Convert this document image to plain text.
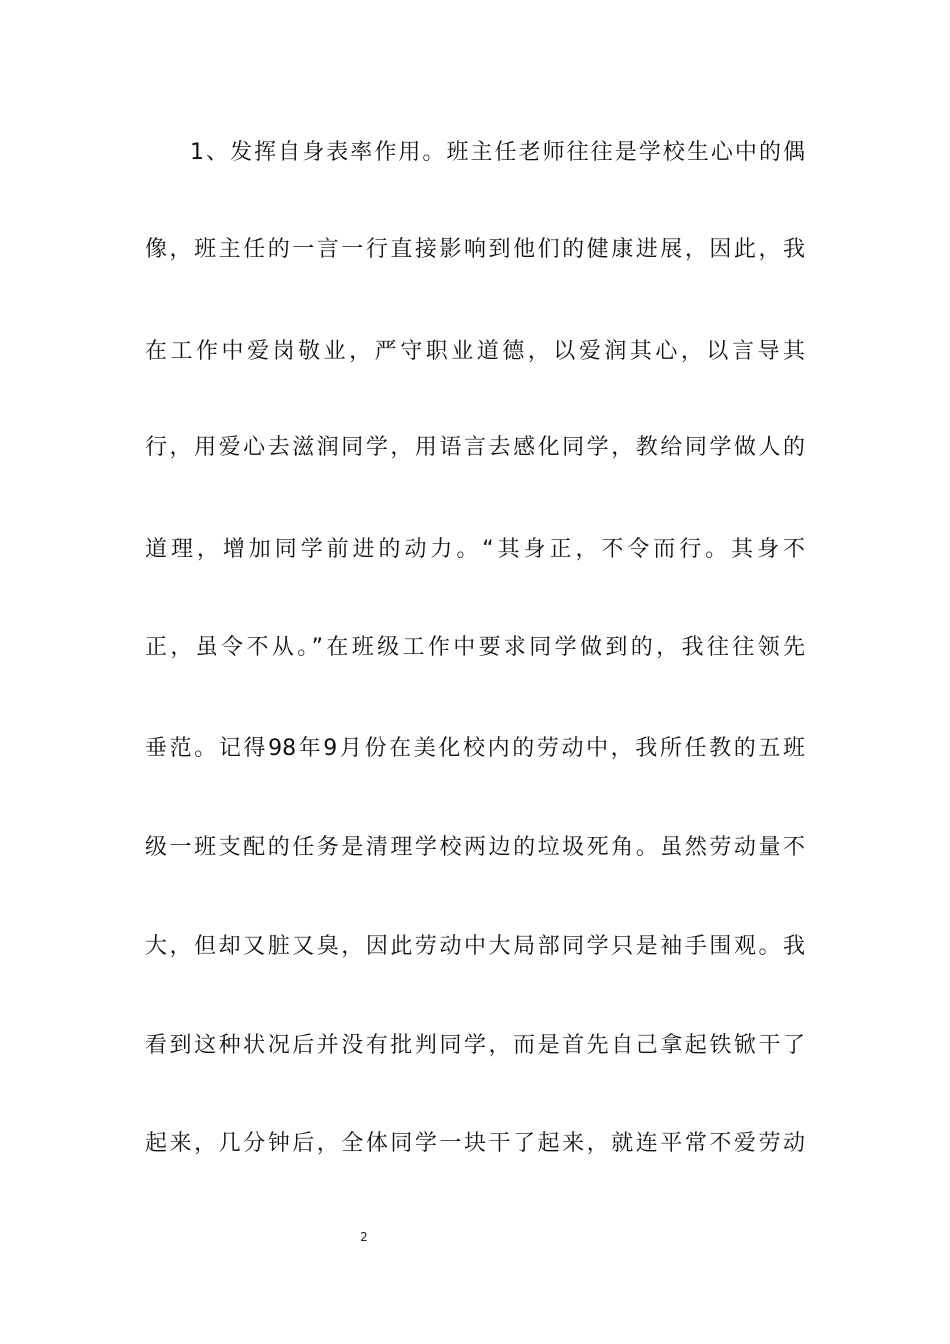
1、发挥自身表率作用。班主任老师往往是学校生心中的偶
像，班主任的一言一行直接影响到他们的健康进展，因此，我
在工作中爱岗敬业，严守职业道德，以爱润其心，以言导其
行，用爱心去滋润同学，用语言去感化同学，教给同学做人的
道理，增加同学前进的动力。“其身正，不令而行。其身不
正，虽令不从。”在班级工作中要求同学做到的，我往往领先
垂范。记得98年9月份在美化校内的劳动中，我所任教的五班
级一班支配的任务是清理学校两边的垃圾死角。虽然劳动量不
大，但却又脏又臭，因此劳动中大局部同学只是袖手围观。我
看到这种状况后并没有批判同学，而是首先自己拿起铁锨干了
起来，几分钟后，全体同学一块干了起来，就连平常不爱劳动
2
